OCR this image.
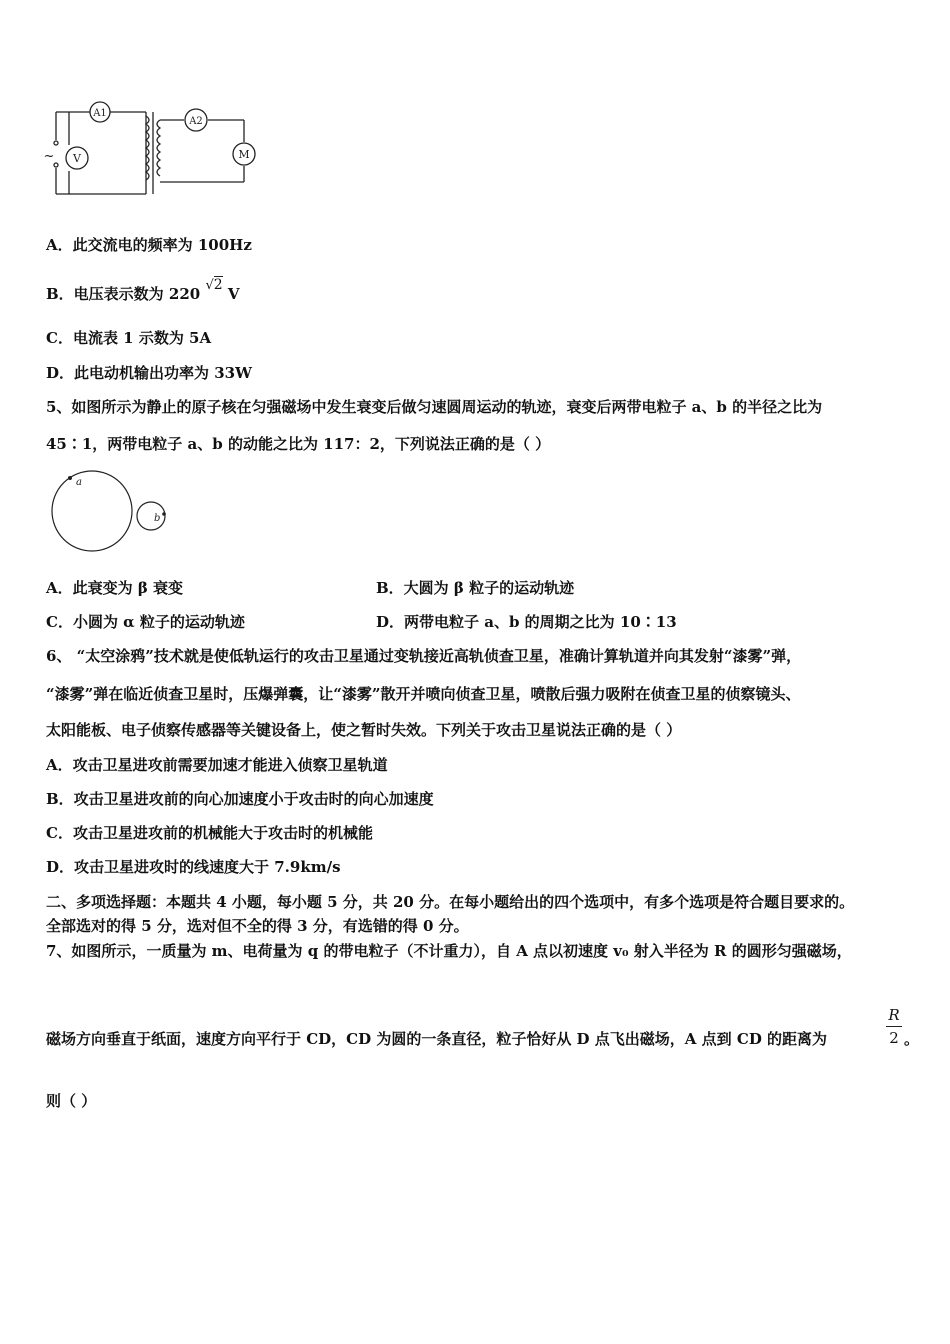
A1
A2
V	M
~
A．此交流电的频率为 100Hz
B．电压表示数为 220 √2 V
C．电流表 1 示数为 5A
D．此电动机输出功率为 33W
5、如图所示为静止的原子核在匀强磁场中发生衰变后做匀速圆周运动的轨迹，衰变后两带电粒子 a、b 的半径之比为
45∶1，两带电粒子 a、b 的动能之比为 117：2，下列说法正确的是（ ）
a
b
A．此衰变为 β 衰变	B．大圆为 β 粒子的运动轨迹
C．小圆为 α 粒子的运动轨迹	D．两带电粒子 a、b 的周期之比为 10∶13
6、 “太空涂鸦”技术就是使低轨运行的攻击卫星通过变轨接近高轨侦查卫星，准确计算轨道并向其发射“漆雾”弹，
“漆雾”弹在临近侦查卫星时，压爆弹囊，让“漆雾”散开并喷向侦查卫星，喷散后强力吸附在侦查卫星的侦察镜头、
太阳能板、电子侦察传感器等关键设备上，使之暂时失效。下列关于攻击卫星说法正确的是（ ）
A．攻击卫星进攻前需要加速才能进入侦察卫星轨道
B．攻击卫星进攻前的向心加速度小于攻击时的向心加速度
C．攻击卫星进攻前的机械能大于攻击时的机械能
D．攻击卫星进攻时的线速度大于 7.9km/s
二、多项选择题：本题共 4 小题，每小题 5 分，共 20 分。在每小题给出的四个选项中，有多个选项是符合题目要求的。
全部选对的得 5 分，选对但不全的得 3 分，有选错的得 0 分。
7、如图所示，一质量为 m、电荷量为 q 的带电粒子（不计重力），自 A 点以初速度 v₀ 射入半径为 R 的圆形匀强磁场，
磁场方向垂直于纸面，速度方向平行于 CD，CD 为圆的一条直径，粒子恰好从 D 点飞出磁场，A 点到 CD 的距离为
R
2 。
则（ ）
